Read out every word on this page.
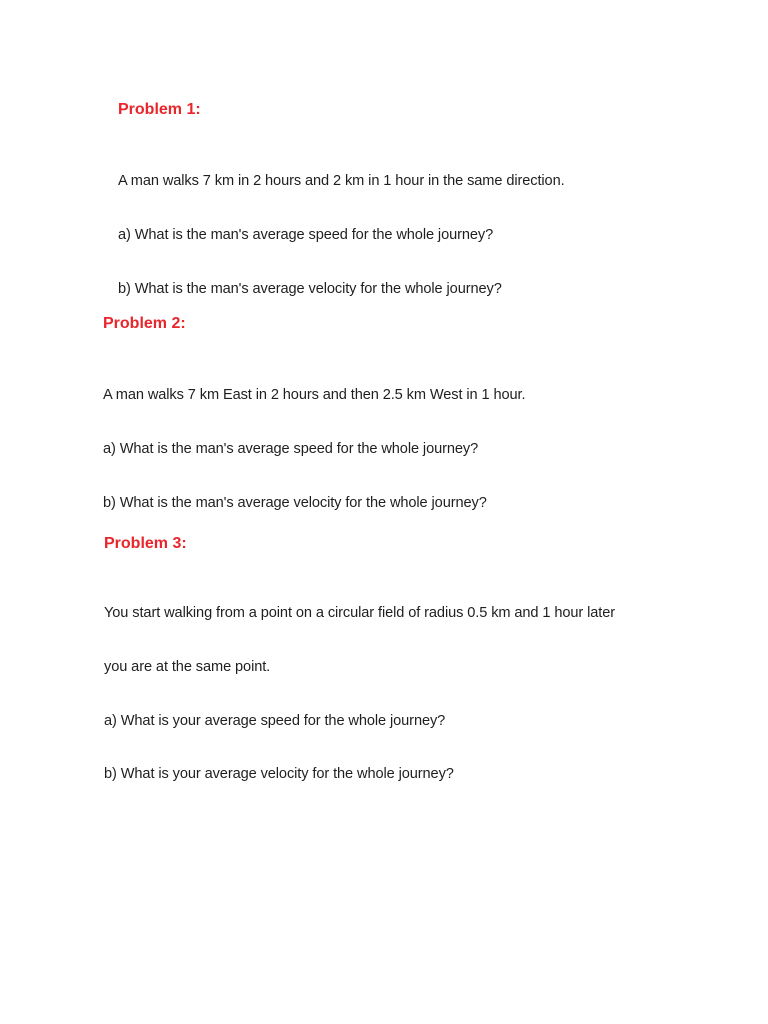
Problem 1:
A man walks 7 km in 2 hours and 2 km in 1 hour in the same direction.
a) What is the man's average speed for the whole journey?
b) What is the man's average velocity for the whole journey?
Problem 2:
A man walks 7 km East in 2 hours and then 2.5 km West in 1 hour.
a) What is the man's average speed for the whole journey?
b) What is the man's average velocity for the whole journey?
Problem 3:
You start walking from a point on a circular field of radius 0.5 km and 1 hour later
you are at the same point.
a) What is your average speed for the whole journey?
b) What is your average velocity for the whole journey?
